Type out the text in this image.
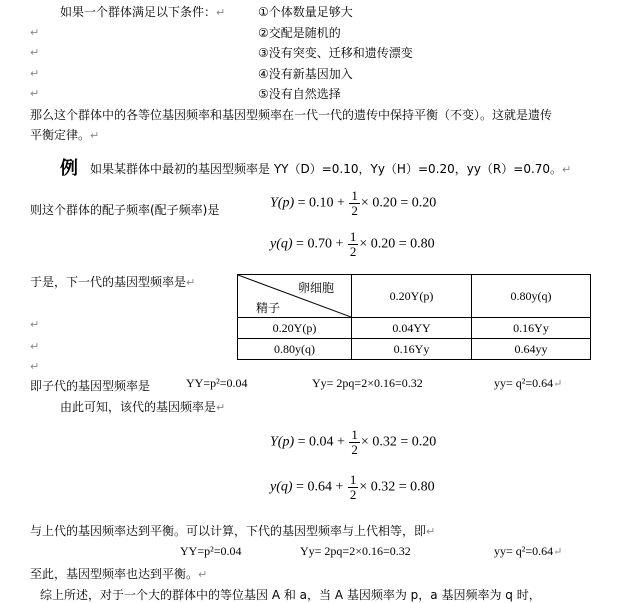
如果一个群体满足以下条件：↵	①个体数量足够大
②交配是随机的
③没有突变、迁移和遗传漂变
④没有新基因加入
⑤没有自然选择
↵
↵
↵
↵
那么这个群体中的各等位基因频率和基因型频率在一代一代的遗传中保持平衡（不变）。这就是遗传
平衡定律。↵
例 如果某群体中最初的基因型频率是 YY（D）=0.10，Yy（H）=0.20，yy（R）=0.70。↵
则这个群体的配子频率(配子频率)是	$Y(p) = 0.10 + \frac{1}{2} \times 0.20 = 0.20$
$y(q) = 0.70 + \frac{1}{2} \times 0.20 = 0.80$
于是，下一代的基因型频率是↵
↵
↵
↵
卵细胞
精子	0.20Y(p)	0.80y(q)
0.20Y(p)	0.04YY	0.16Yy
0.80y(q)	0.16Yy	0.64yy
即子代的基因型频率是	YY=p²=0.04	Yy= 2pq=2×0.16=0.32	yy= q²=0.64↵
由此可知，该代的基因频率是↵
$Y(p) = 0.04 + \frac{1}{2} \times 0.32 = 0.20$
$y(q) = 0.64 + \frac{1}{2} \times 0.32 = 0.80$
与上代的基因频率达到平衡。可以计算，下代的基因型频率与上代相等，即↵
YY=p²=0.04	Yy= 2pq=2×0.16=0.32	yy= q²=0.64↵
至此，基因型频率也达到平衡。↵
综上所述，对于一个大的群体中的等位基因 A 和 a，当 A 基因频率为 p，a 基因频率为 q 时，
